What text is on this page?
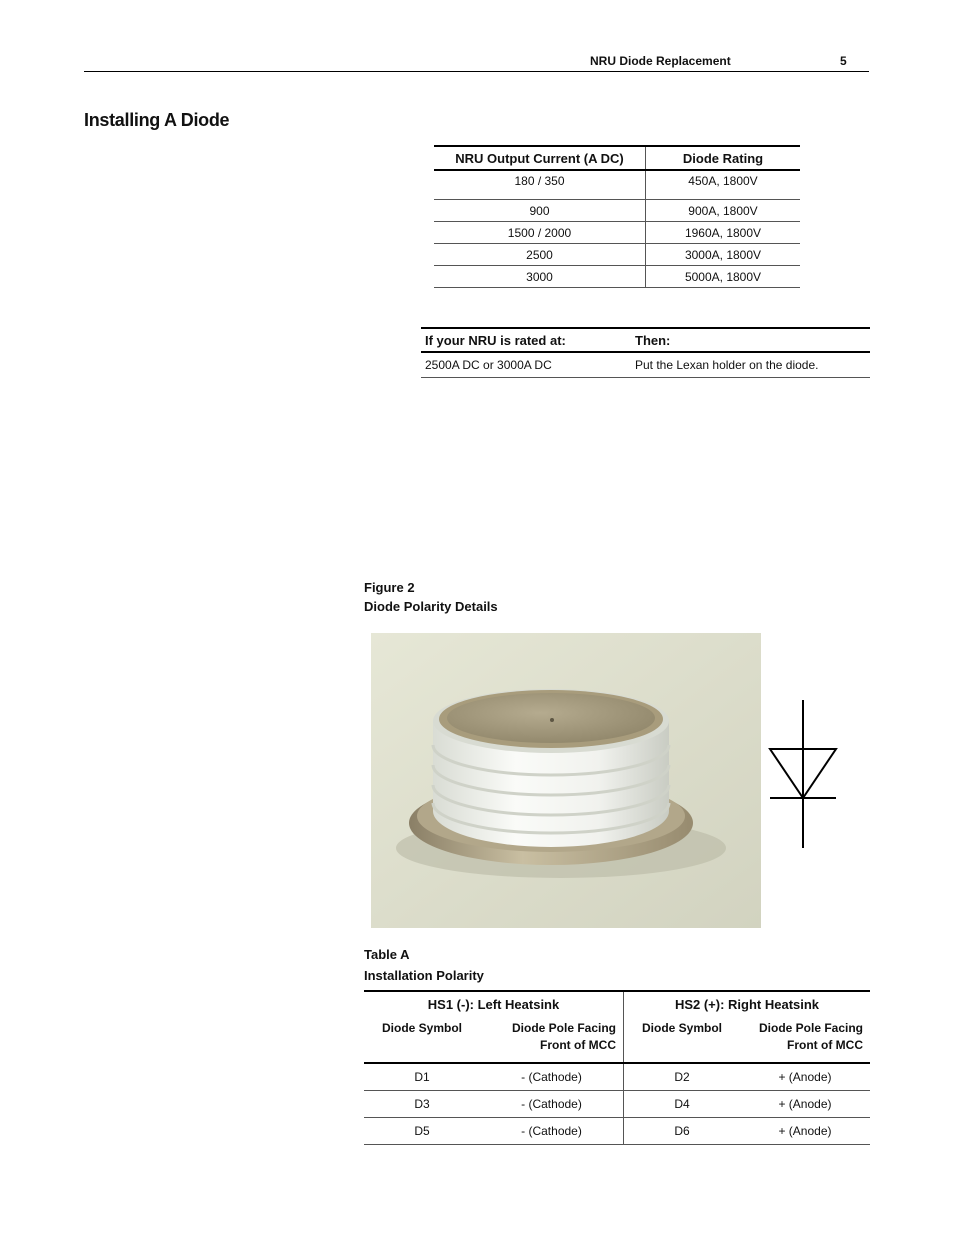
NRU Diode Replacement	5
Installing A Diode
NRU Output Current (A DC)	Diode Rating
180 / 350	450A, 1800V
900	900A, 1800V
1500 / 2000	1960A, 1800V
2500	3000A, 1800V
3000	5000A, 1800V
If your NRU is rated at:	Then:
2500A DC or 3000A DC	Put the Lexan holder on the diode.
Figure 2
Diode Polarity Details
Table A
Installation Polarity
HS1 (-): Left Heatsink		HS2 (+): Right Heatsink	
Diode Symbol	Diode Pole Facing Front of MCC	Diode Symbol	Diode Pole Facing Front of MCC
D1	- (Cathode)	D2	+ (Anode)
D3	- (Cathode)	D4	+ (Anode)
D5	- (Cathode)	D6	+ (Anode)
